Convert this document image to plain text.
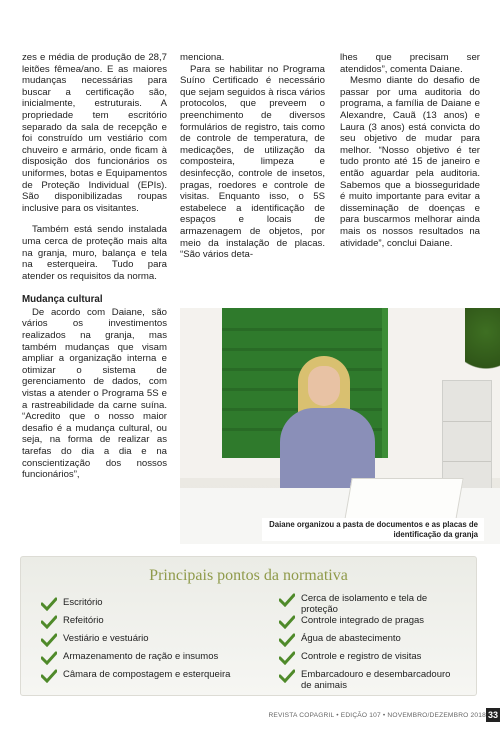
zes e média de produção de 28,7 leitões fêmea/ano. E as maiores mudanças necessárias para buscar a certificação são, inicialmente, estruturais. A propriedade tem escritório separado da sala de recepção e foi construído um vestiário com chuveiro e armário, onde ficam à disposição dos funcionários os uniformes, botas e Equipamentos de Proteção Individual (EPIs). São disponibilizadas roupas inclusive para os visitantes.

Também está sendo instalada uma cerca de proteção mais alta na granja, muro, balança e tela na esterqueira. Tudo para atender os requisitos da norma.

Mudança cultural

De acordo com Daiane, são vários os investimentos realizados na granja, mas também mudanças que visam ampliar a organização interna e otimizar o sistema de gerenciamento de dados, com vistas a atender o Programa 5S e a rastreabilidade da carne suína. “Acredito que o nosso maior desafio é a mudança cultural, ou seja, na forma de realizar as tarefas do dia a dia e na conscientização dos nossos funcionários”,

menciona.

Para se habilitar no Programa Suíno Certificado é necessário que sejam seguidos à risca vários protocolos, que preveem o preenchimento de diversos formulários de registro, tais como de controle de temperatura, de medicações, de utilização da composteira, limpeza e desinfecção, controle de insetos, pragas, roedores e controle de visitas. Enquanto isso, o 5S estabelece a identificação de espaços e locais de armazenagem de objetos, por meio da instalação de placas. “São vários deta-

lhes que precisam ser atendidos”, comenta Daiane.

Mesmo diante do desafio de passar por uma auditoria do programa, a família de Daiane e Alexandre, Cauã (13 anos) e Laura (3 anos) está convicta do seu objetivo de mudar para melhor. “Nosso objetivo é ter tudo pronto até 15 de janeiro e então aguardar pela auditoria. Sabemos que a biosseguridade é muito importante para evitar a disseminação de doenças e para buscarmos melhorar ainda mais os nossos resultados na atividade”, conclui Daiane.

Daiane organizou a pasta de documentos e as placas de identificação da granja
Principais pontos da normativa
Escritório
Refeitório
Vestiário e vestuário
Armazenamento de ração e insumos
Câmara de compostagem e esterqueira
Cerca de isolamento e tela de proteção
Controle integrado de pragas
Água de abastecimento
Controle e registro de visitas
Embarcadouro e desembarcadouro de animais
REVISTA COPAGRIL • EDIÇÃO 107 • NOVEMBRO/DEZEMBRO 2018 33
